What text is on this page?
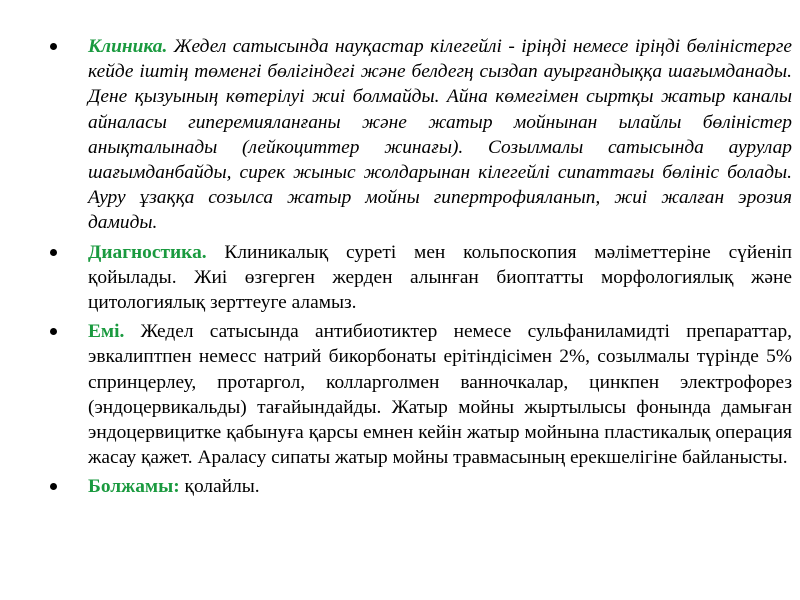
Клиника. Жедел сатысында науқастар кілегейлі - іріңді немесе іріңді бөлiнiстерге кейде іштің төменгі бөлігіндегі және белдегң сыздап ауырғандыққа шағымданады. Дене қызуының көтерілуі жиі болмайды. Айна көмегімен сыртқы жатыр каналы айналасы гиперемияланғаны және жатыр мойнынан ылайлы бөлiнiстер анықталынады (лейкоциттер жинағы). Созылмалы сатысында аурулар шағымданбайды, сирек жыныс жолдарынан кілегейлі сипаттағы бөлiнiс болады. Ауру ұзаққа созылса жатыр мойны гипертрофияланып, жиі жалған эрозия дамиды.
Диагностика. Клиникалық суреті мен кольпоскопия мәліметтеріне сүйеніп қойылады. Жиі өзгерген жерден алынған биоптатты морфологиялық және цитологиялық зерттеуге аламыз.
Емі. Жедел сатысында антибиотиктер немесе сульфаниламидті препараттар, эвкалиптпен немесс натрий бикорбонаты ерітіндісімен 2%, созылмалы түрінде 5% спринцерлеу, протаргол, колларголмен ванночкалар, цинкпен электрофорез (эндоцервикальды) тағайындайды. Жатыр мойны жыртылысы фонында дамыған эндоцервицитке қабынуға қарсы емнен кейін жатыр мойнына пластикалық операция жасау қажет. Араласу сипаты жатыр мойны травмасының ерекшелігіне байланысты.
Болжамы: қолайлы.
